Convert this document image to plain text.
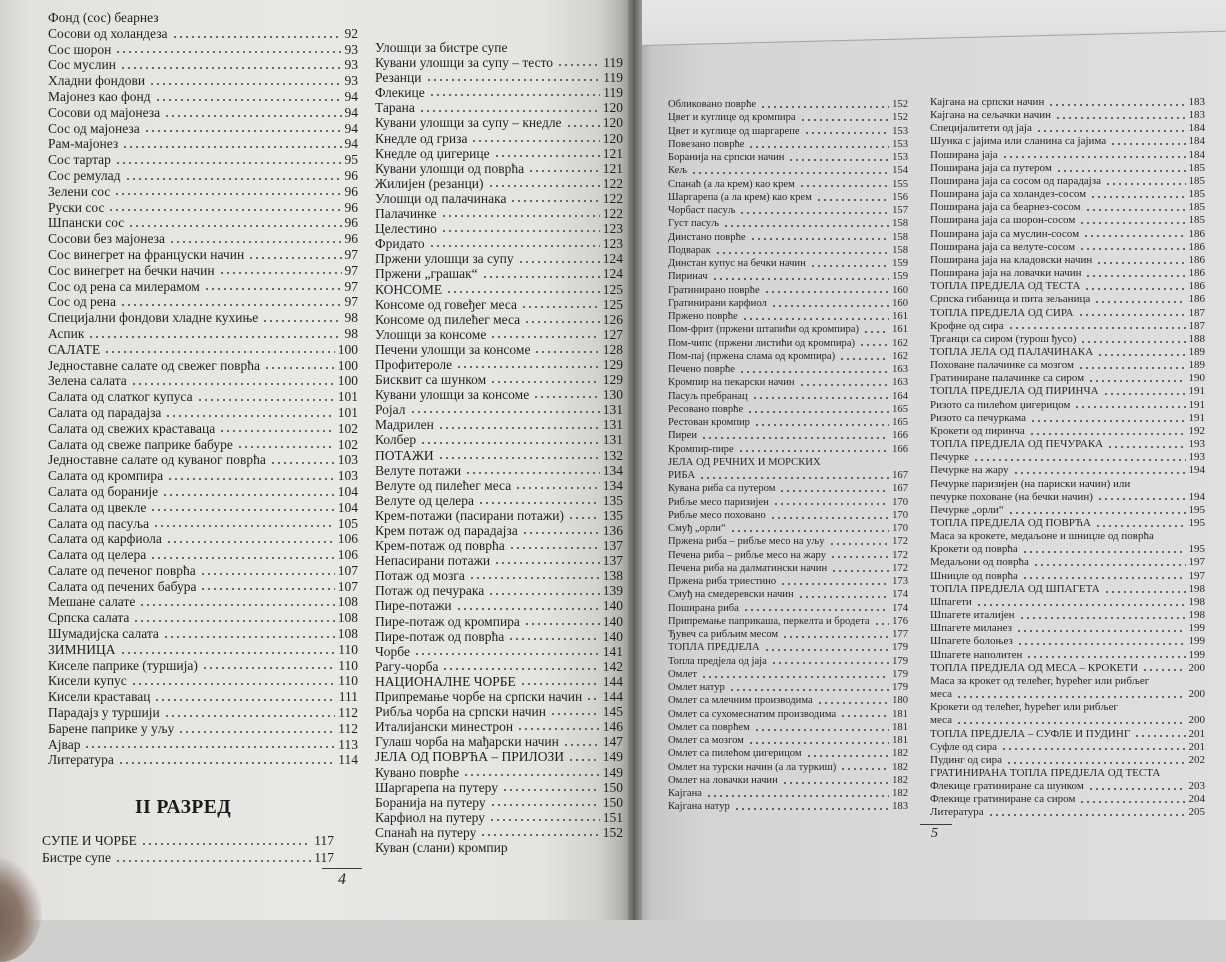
Фонд (сос) беарнез
Сосови од холандеза	92
Сос шорон	93
Сос муслин	93
Хладни фондови	93
Мајонез као фонд	94
Сосови од мајонеза	94
Сос од мајонеза	94
Рам-мајонез	94
Сос тартар	95
Сос ремулад	96
Зелени сос	96
Руски сос	96
Шпански сос	96
Сосови без мајонеза	96
Сос винегрет на француски начин	97
Сос винегрет на бечки начин	97
Сос од рена са милерамом	97
Сос од рена	97
Специјални фондови хладне кухиње	98
Аспик	98
САЛАТЕ	100
Једноставне салате од свежег поврћа	100
Зелена салата	100
Салата од слатког купуса	101
Салата од парадајза	101
Салата од свежих краставаца	102
Салата од свеже паприке бабуре	102
Једноставне салате од куваног поврћа	103
Салата од кромпира	103
Салата од бораније	104
Салата од цвекле	104
Салата од пасуља	105
Салата од карфиола	106
Салата од целера	106
Салате од печеног поврћа	107
Салата од печених бабура	107
Мешане салате	108
Српска салата	108
Шумадијска салата	108
ЗИМНИЦА	110
Киселе паприке (туршија)	110
Кисели купус	110
Кисели краставац	111
Парадајз у туршији	112
Барене паприке у уљу	112
Ајвар	113
Литература	114
II РАЗРЕД
СУПЕ И ЧОРБЕ	117
Бистре супе	117
Улошци за бистре супе
Кувани улошци за супу – тесто	119
Резанци	119
Флекице	119
Тарана	120
Кувани улошци за супу – кнедле	120
Кнедле од гриза	120
Кнедле од џигерице	121
Кувани улошци од поврћа	121
Жилијен (резанци)	122
Улошци од палачинака	122
Палачинке	122
Целестино	123
Фридато	123
Пржени улошци за супу	124
Пржени „грашак“	124
КОНСОМЕ	125
Консоме од говеђег меса	125
Консоме од пилећег меса	126
Улошци за консоме	127
Печени улошци за консоме	128
Профитероле	129
Бисквит са шунком	129
Кувани улошци за консоме	130
Ројал	131
Мадрилен	131
Колбер	131
ПОТАЖИ	132
Велуте потажи	134
Велуте од пилећег меса	134
Велуте од целера	135
Крем-потажи (пасирани потажи)	135
Крем потаж од парадајза	136
Крем-потаж од поврћа	137
Непасирани потажи	137
Потаж од мозга	138
Потаж од печурака	139
Пире-потажи	140
Пире-потаж од кромпира	140
Пире-потаж од поврћа	140
Чорбе	141
Рагу-чорба	142
НАЦИОНАЛНЕ ЧОРБЕ	144
Припремање чорбе на српски начин 144
Рибља чорба на српски начин	145
Италијански минестрон	146
Гулаш чорба на мађарски начин	147
ЈЕЛА ОД ПОВРЋА – ПРИЛОЗИ	149
Кувано поврће	149
Шаргарепа на путеру	150
Боранија на путеру	150
Карфиол на путеру	151
Спанаћ на путеру	152
Куван (слани) кромпир
4
Обликовано поврће	152
Цвет и куглице од кромпира	152
Цвет и куглице од шаргарепе	153
Повезано поврће	153
Боранија на српски начин	153
Кељ	154
Спанаћ (а ла крем) као крем	155
Шаргарепа (а ла крем) као крем	156
Чорбаст пасуљ	157
Густ пасуљ	158
Динстано поврће	158
Подварак	158
Динстан купус на бечки начин	159
Пиринач	159
Гратинирано поврће	160
Гратинирани карфиол	160
Пржено поврће	161
Пом-фрит (пржени штапићи од кромпира)	161
Пом-чипс (пржени листићи од кромпира)	162
Пом-пај (пржена слама од кромпира)	162
Печено поврће	163
Кромпир на пекарски начин	163
Пасуљ пребранац	164
Ресовано поврће	165
Рестован кромпир	165
Пиреи	166
Кромпир-пире	166
ЈЕЛА ОД РЕЧНИХ И МОРСКИХ
РИБА	167
Кувана риба са путером	167
Рибље месо паризијен	170
Рибље месо поховано	170
Смуђ „орли“	170
Пржена риба – рибље месо на уљу	172
Печена риба – рибље месо на жару	172
Печена риба на далматински начин	172
Пржена риба триестино	173
Смуђ на смедеревски начин	174
Поширана риба	174
Припремање паприкаша, перкелта и бродета 176
Ђувеч са рибљим месом	177
ТОПЛА ПРЕДЈЕЛА	179
Топла предјела од јаја	179
Омлет	179
Омлет натур	179
Омлет са млечним производима	180
Омлет са сухомеснатим производима	181
Омлет са поврћем	181
Омлет са мозгом	181
Омлет са пилећом џигерицом	182
Омлет на турски начин (а ла туркиш)	182
Омлет на ловачки начин	182
Кајгана	182
Кајгана натур	183
Кајгана на српски начин	183
Кајгана на сељачки начин	183
Специјалитети од јаја	184
Шунка с јајима или сланина са јајима	184
Поширана јаја	184
Поширана јаја са путером	185
Поширана јаја са сосом од парадајза	185
Поширана јаја са холандез-сосом	185
Поширана јаја са беарнез-сосом	185
Поширана јаја са шорон-сосом	185
Поширана јаја са муслин-сосом	186
Поширана јаја са велуте-сосом	186
Поширана јаја на кладовски начин	186
Поширана јаја на ловачки начин	186
ТОПЛА ПРЕДЈЕЛА ОД ТЕСТА	186
Српска гибаница и пита зељаница	186
ТОПЛА ПРЕДЈЕЛА ОД СИРА	187
Крофне од сира	187
Трганци са сиром (турош ђусо)	188
ТОПЛА ЈЕЛА ОД ПАЛАЧИНАКА	189
Поховане палачинке са мозгом	189
Гратиниране палачинке са сиром	190
ТОПЛА ПРЕДЈЕЛА ОД ПИРИНЧА	191
Ризото са пилећом џигерицом	191
Ризото са печуркама	191
Крокети од пиринча	192
ТОПЛА ПРЕДЈЕЛА ОД ПЕЧУРАКА	193
Печурке	193
Печурке на жару	194
Печурке паризијен (на париски начин) или
печурке поховане (на бечки начин)	194
Печурке „орли“	195
ТОПЛА ПРЕДЈЕЛА ОД ПОВРЋА	195
Маса за крокете, медаљоне и шницле од поврћа
Крокети од поврћа	195
Медаљони од поврћа	197
Шницле од поврћа	197
ТОПЛА ПРЕДЈЕЛА ОД ШПАГЕТА	198
Шпагети	198
Шпагете италијен	198
Шпагете миланез	199
Шпагете болоњез	199
Шпагете наполитен	199
ТОПЛА ПРЕДЈЕЛА ОД МЕСА – КРОКЕТИ	200
Маса за крокет од телећег, ћурећег или рибљег
меса	200
Крокети од телећег, ћурећег или рибљег
меса	200
ТОПЛА ПРЕДЈЕЛА – СУФЛЕ И ПУДИНГ	201
Суфле од сира	201
Пудинг од сира	202
ГРАТИНИРАНА ТОПЛА ПРЕДЈЕЛА ОД ТЕСТА
Флекице гратиниране са шунком	203
Флекице гратиниране са сиром	204
Литература	205
5
